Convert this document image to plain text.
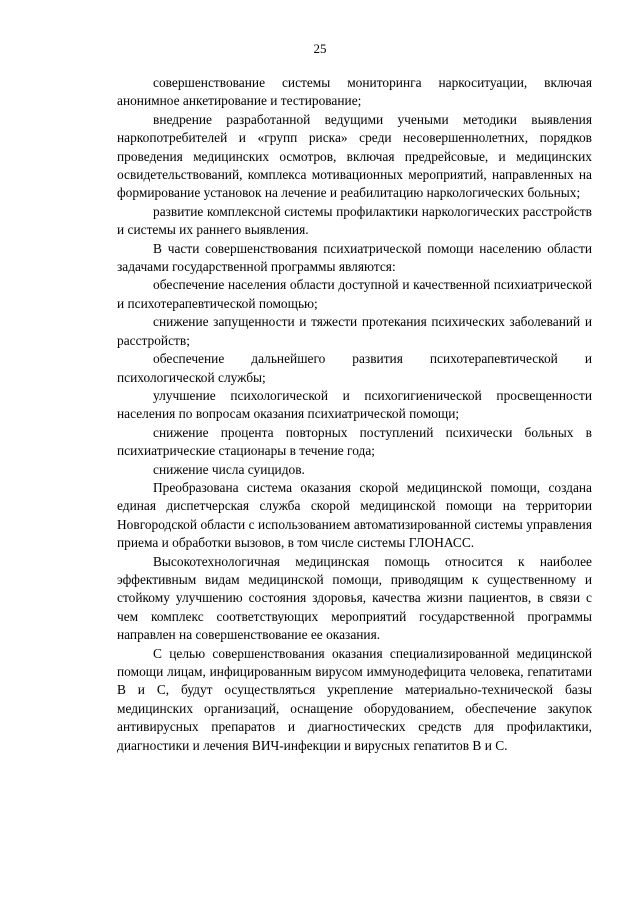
25

совершенствование системы мониторинга наркоситуации, включая анонимное анкетирование и тестирование;

внедрение разработанной ведущими учеными методики выявления наркопотребителей и «групп риска» среди несовершеннолетних, порядков проведения медицинских осмотров, включая предрейсовые, и медицинских освидетельствований, комплекса мотивационных мероприятий, направленных на формирование установок на лечение и реабилитацию наркологических больных;

развитие комплексной системы профилактики наркологических расстройств и системы их раннего выявления.

В части совершенствования психиатрической помощи населению области задачами государственной программы являются:

обеспечение населения области доступной и качественной психиатрической и психотерапевтической помощью;

снижение запущенности и тяжести протекания психических заболеваний и расстройств;

обеспечение дальнейшего развития психотерапевтической и психологической службы;

улучшение психологической и психогигиенической просвещенности населения по вопросам оказания психиатрической помощи;

снижение процента повторных поступлений психически больных в психиатрические стационары в течение года;

снижение числа суицидов.

Преобразована система оказания скорой медицинской помощи, создана единая диспетчерская служба скорой медицинской помощи на территории Новгородской области с использованием автоматизированной системы управления приема и обработки вызовов, в том числе системы ГЛОНАСС.

Высокотехнологичная медицинская помощь относится к наиболее эффективным видам медицинской помощи, приводящим к существенному и стойкому улучшению состояния здоровья, качества жизни пациентов, в связи с чем комплекс соответствующих мероприятий государственной программы направлен на совершенствование ее оказания.

С целью совершенствования оказания специализированной медицинской помощи лицам, инфицированным вирусом иммунодефицита человека, гепатитами В и С, будут осуществляться укрепление материально-технической базы медицинских организаций, оснащение оборудованием, обеспечение закупок антивирусных препаратов и диагностических средств для профилактики, диагностики и лечения ВИЧ-инфекции и вирусных гепатитов В и С.
